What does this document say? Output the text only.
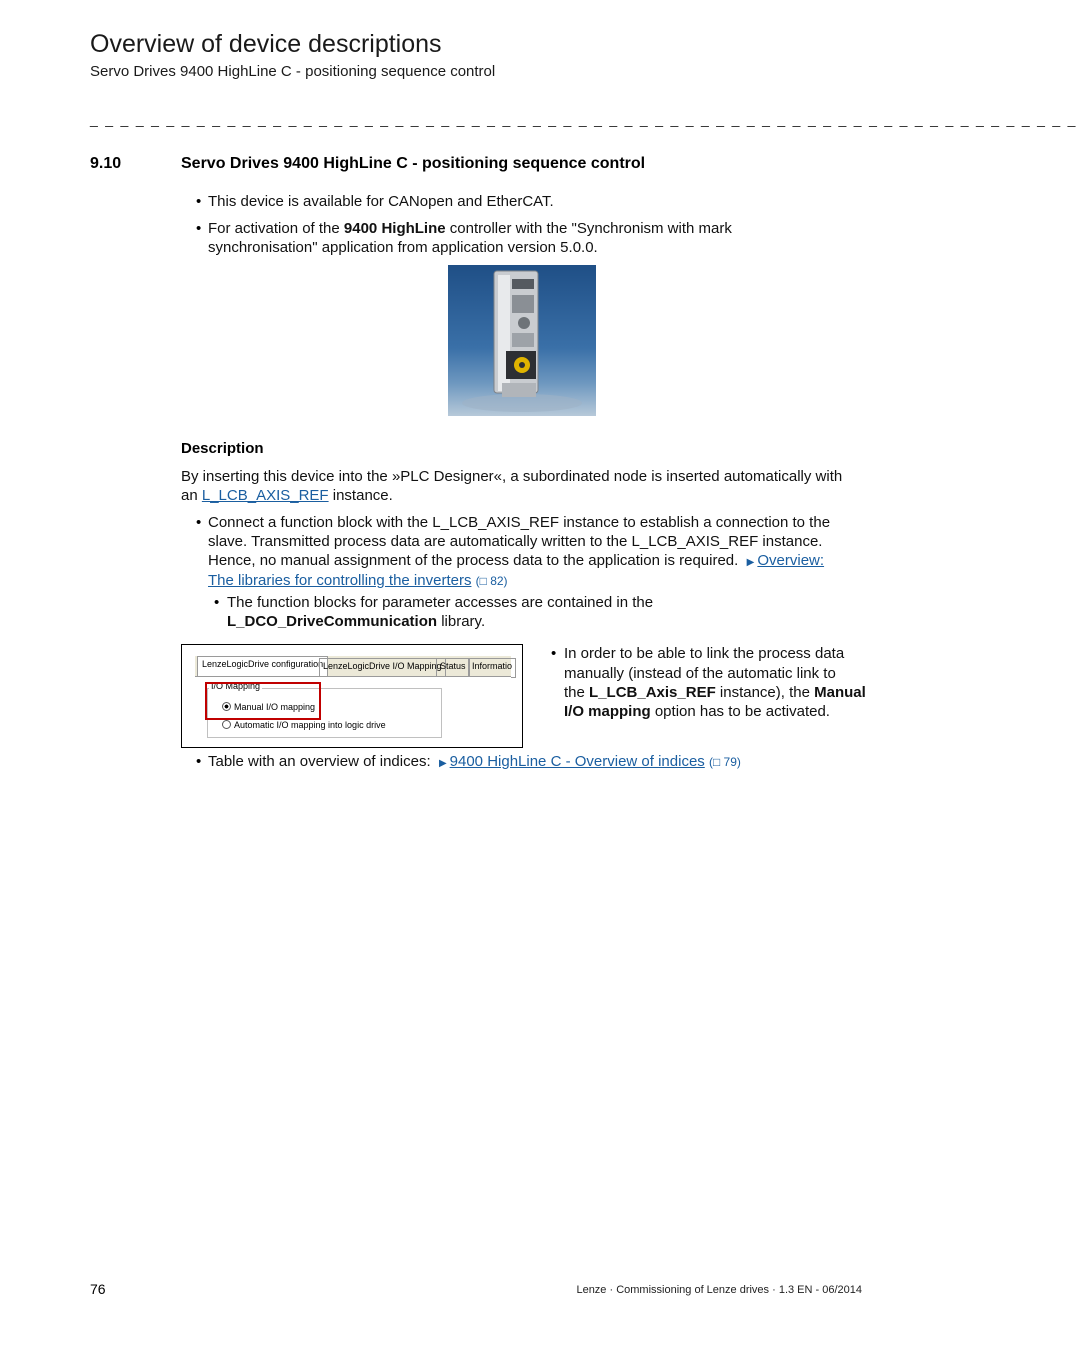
Overview of device descriptions
Servo Drives 9400 HighLine C - positioning sequence control
_ _ _ _ _ _ _ _ _ _ _ _ _ _ _ _ _ _ _ _ _ _ _ _ _ _ _ _ _ _ _ _ _ _ _ _ _ _ _ _ _ _ _ _ _ _ _ _ _ _ _ _ _ _ _ _ _ _ _ _ _ _ _ _ _
9.10	Servo Drives 9400 HighLine C - positioning sequence control
• This device is available for CANopen and EtherCAT.
• For activation of the 9400 HighLine controller with the "Synchronism with mark
synchronisation" application from application version 5.0.0.
Description
By inserting this device into the »PLC Designer«, a subordinated node is inserted automatically with
an L_LCB_AXIS_REF instance.
• Connect a function block with the L_LCB_AXIS_REF instance to establish a connection to the
slave. Transmitted process data are automatically written to the L_LCB_AXIS_REF instance.
Hence, no manual assignment of the process data to the application is required. ▶ Overview:
The libraries for controlling the inverters (□ 82)
• The function blocks for parameter accesses are contained in the
L_DCO_DriveCommunication library.
LenzeLogicDrive configuration LenzeLogicDrive I/O Mapping
Status Informatio
I/O Mapping
Manual I/O mapping
Automatic I/O mapping into logic drive
• In order to be able to link the process data
manually (instead of the automatic link to
the L_LCB_Axis_REF instance), the Manual
I/O mapping option has to be activated.
• Table with an overview of indices:  ▶ 9400 HighLine C - Overview of indices (□ 79)
76	Lenze · Commissioning of Lenze drives · 1.3 EN - 06/2014
